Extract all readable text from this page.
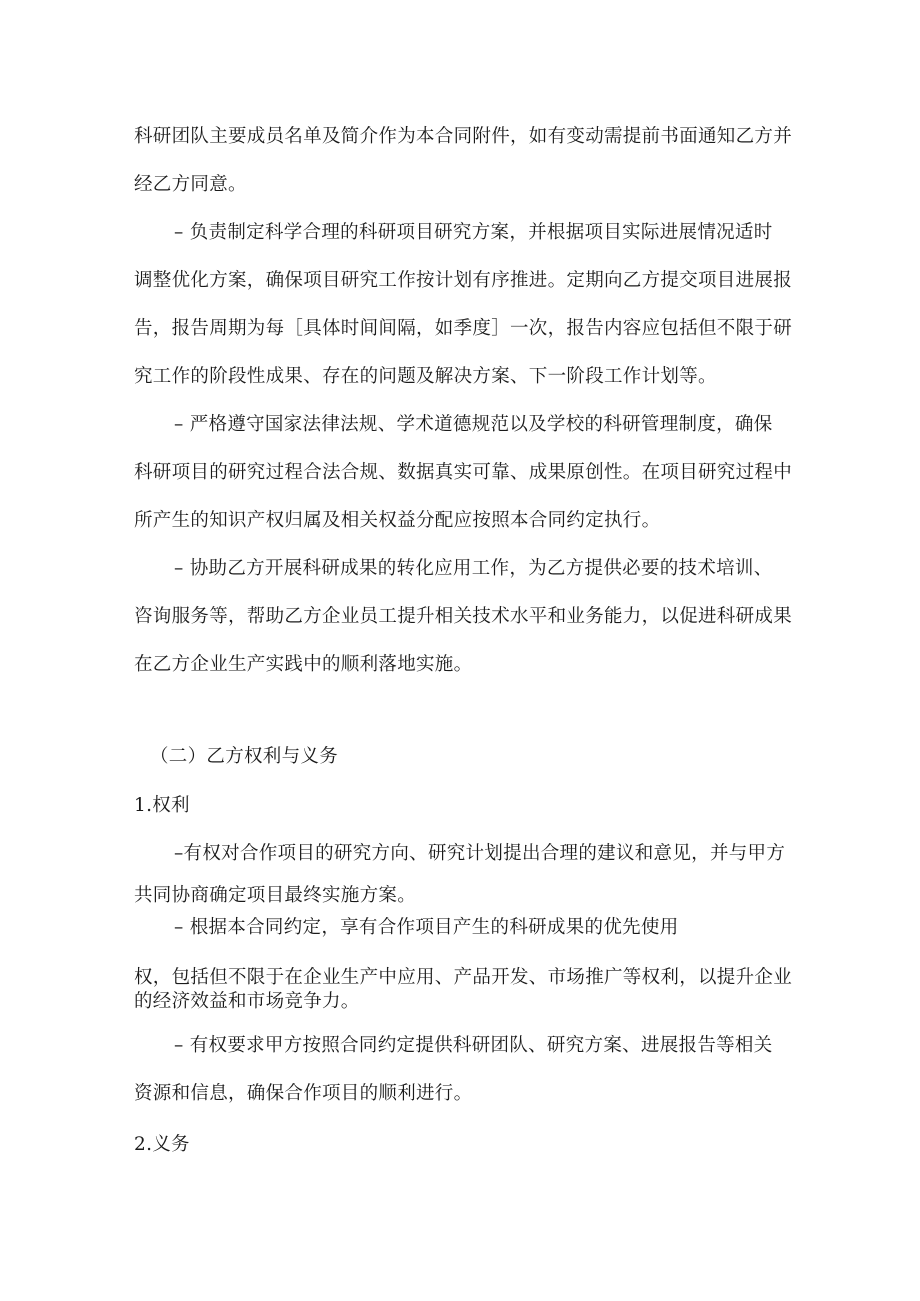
科研团队主要成员名单及简介作为本合同附件，如有变动需提前书面通知乙方并

经乙方同意。

– 负责制定科学合理的科研项目研究方案，并根据项目实际进展情况适时

调整优化方案，确保项目研究工作按计划有序推进。定期向乙方提交项目进展报

告，报告周期为每［具体时间间隔，如季度］一次，报告内容应包括但不限于研

究工作的阶段性成果、存在的问题及解决方案、下一阶段工作计划等。

– 严格遵守国家法律法规、学术道德规范以及学校的科研管理制度，确保

科研项目的研究过程合法合规、数据真实可靠、成果原创性。在项目研究过程中

所产生的知识产权归属及相关权益分配应按照本合同约定执行。

– 协助乙方开展科研成果的转化应用工作，为乙方提供必要的技术培训、

咨询服务等，帮助乙方企业员工提升相关技术水平和业务能力，以促进科研成果

在乙方企业生产实践中的顺利落地实施。

（二）乙方权利与义务

1.权利

–有权对合作项目的研究方向、研究计划提出合理的建议和意见，并与甲方

共同协商确定项目最终实施方案。

– 根据本合同约定，享有合作项目产生的科研成果的优先使用

权，包括但不限于在企业生产中应用、产品开发、市场推广等权利，以提升企业

的经济效益和市场竞争力。

– 有权要求甲方按照合同约定提供科研团队、研究方案、进展报告等相关

资源和信息，确保合作项目的顺利进行。

2.义务
